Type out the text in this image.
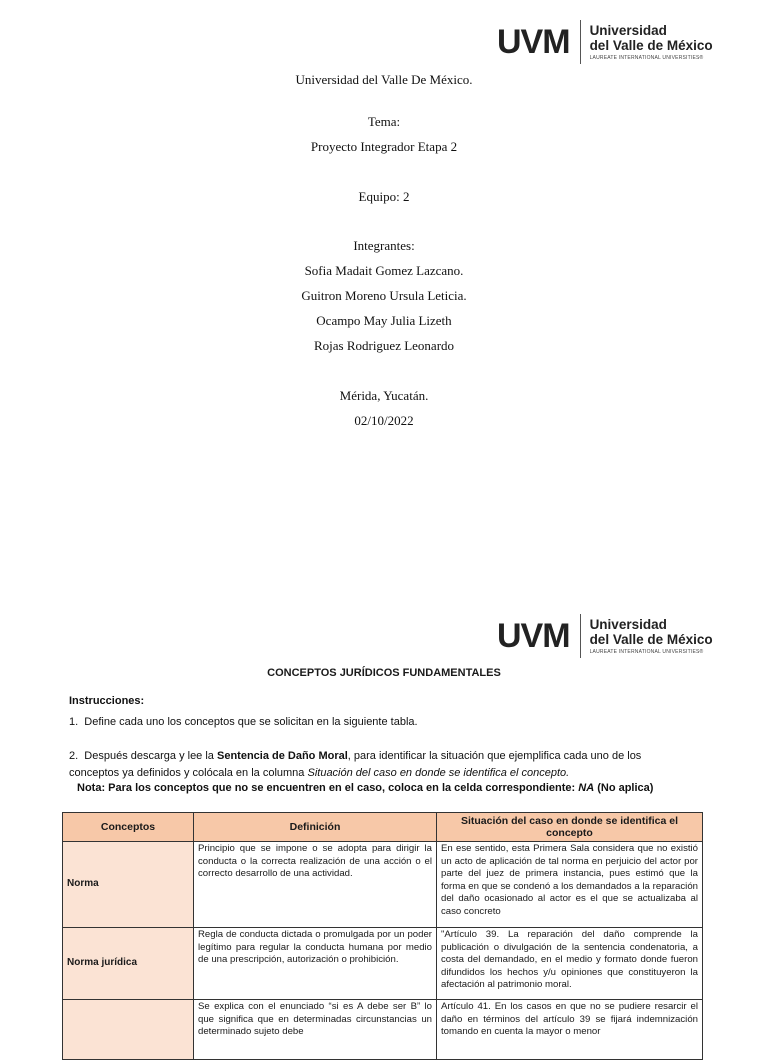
UVM Universidad
del Valle de México
LAUREATE INTERNATIONAL UNIVERSITIES®
Universidad del Valle De México.
Tema:
Proyecto Integrador Etapa 2
Equipo: 2
Integrantes:
Sofia Madait Gomez Lazcano.
Guitron Moreno Ursula Leticia.
Ocampo May Julia Lizeth
Rojas Rodriguez Leonardo
Mérida, Yucatán.
02/10/2022
UVM Universidad
del Valle de México
LAUREATE INTERNATIONAL UNIVERSITIES®
CONCEPTOS JURÍDICOS FUNDAMENTALES
Instrucciones:
1.  Define cada uno los conceptos que se solicitan en la siguiente tabla.
2.  Después descarga y lee la Sentencia de Daño Moral, para identificar la situación que ejemplifica cada uno de los
conceptos ya definidos y colócala en la columna Situación del caso en donde se identifica el concepto.
Nota: Para los conceptos que no se encuentren en el caso, coloca en la celda correspondiente: NA (No aplica)
Conceptos	Definición	Situación del caso en donde se identifica el concepto
Norma	Principio que se impone o se adopta para dirigir la conducta o la correcta realización de una acción o el correcto desarrollo de una actividad.	En ese sentido, esta Primera Sala considera que no existió un acto de aplicación de tal norma en perjuicio del actor por parte del juez de primera instancia, pues estimó que la forma en que se condenó a los demandados a la reparación del daño ocasionado al actor es el que se actualizaba al caso concreto
Norma jurídica	Regla de conducta dictada o promulgada por un poder legítimo para regular la conducta humana por medio de una prescripción, autorización o prohibición.	"Artículo 39. La reparación del daño comprende la publicación o divulgación de la sentencia condenatoria, a costa del demandado, en el medio y formato donde fueron difundidos los hechos y/u opiniones que constituyeron la afectación al patrimonio moral.
	Se explica con el enunciado “si es A debe ser B” lo que significa que en determinadas circunstancias un determinado sujeto debe	Artículo 41. En los casos en que no se pudiere resarcir el daño en términos del artículo 39 se fijará indemnización tomando en cuenta la mayor o menor
